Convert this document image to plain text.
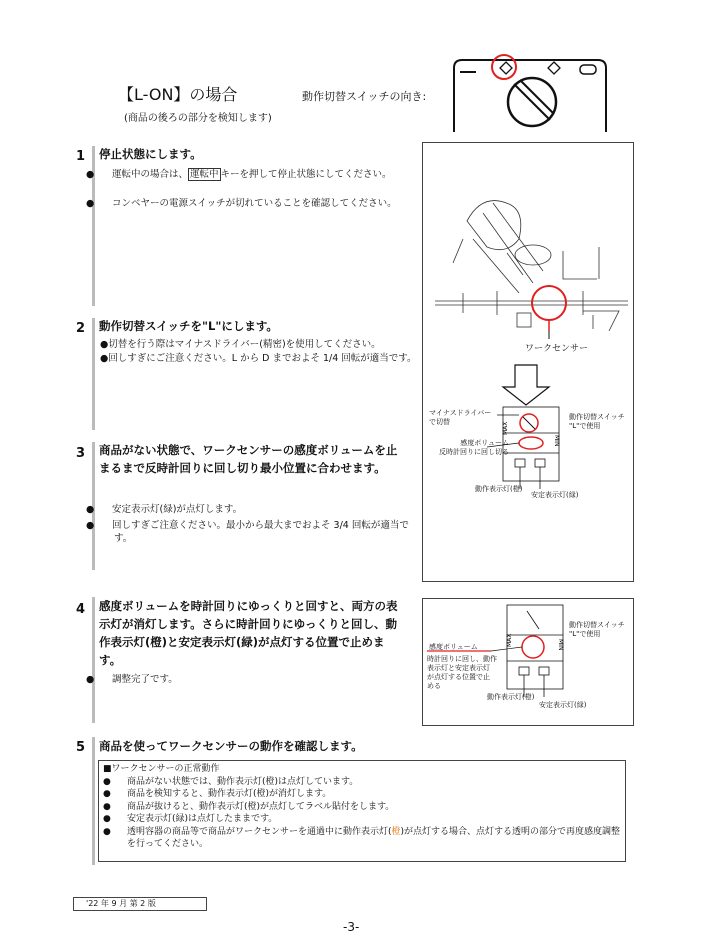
【L-ON】の場合
(商品の後ろの部分を検知します)
動作切替スイッチの向き:
1 停止状態にします。
● 運転中の場合は、 運転中 キーを押して停止状態にしてください。
● コンベヤーの電源スイッチが切れていることを確認してください。
2 動作切替スイッチを"L"にします。
●切替を行う際はマイナスドライバー(精密)を使用してください。
●回しすぎにご注意ください。L から D までおよそ 1/4 回転が適当です。
3 商品がない状態で、ワークセンサーの感度ボリュームを止まるまで反時計回りに回し切り最小位置に合わせます。
● 安定表示灯(緑)が点灯します。
● 回しすぎご注意ください。最小から最大までおよそ 3/4 回転が適当です。
4 感度ボリュームを時計回りにゆっくりと回すと、両方の表示灯が消灯します。さらに時計回りにゆっくりと回し、動作表示灯(橙)と安定表示灯(緑)が点灯する位置で止めます。
● 調整完了です。
5 商品を使ってワークセンサーの動作を確認します。
■ワークセンサーの正常動作
● 商品がない状態では、動作表示灯(橙)は点灯しています。
● 商品を検知すると、動作表示灯(橙)が消灯します。
● 商品が抜けると、動作表示灯(橙)が点灯してラベル貼付をします。
● 安定表示灯(緑)は点灯したままです。
● 透明容器の商品等で商品がワークセンサーを通過中に動作表示灯(橙)が点灯する場合、点灯する透明の部分で再度感度調整を行ってください。
MAX
MIN
ワークセンサー
マイナスドライバー
で切替
動作切替スイッチ
"L"で使用
感度ボリューム
反時計回りに回し切る
動作表示灯(橙)
安定表示灯(緑)
MAX	MIN
動作切替スイッチ
"L"で使用
感度ボリューム
時計回りに回し、動作
表示灯と安定表示灯
が点灯する位置で止
める
動作表示灯(橙)
安定表示灯(緑)
'22 年 9 月 第 2 版
-3-
